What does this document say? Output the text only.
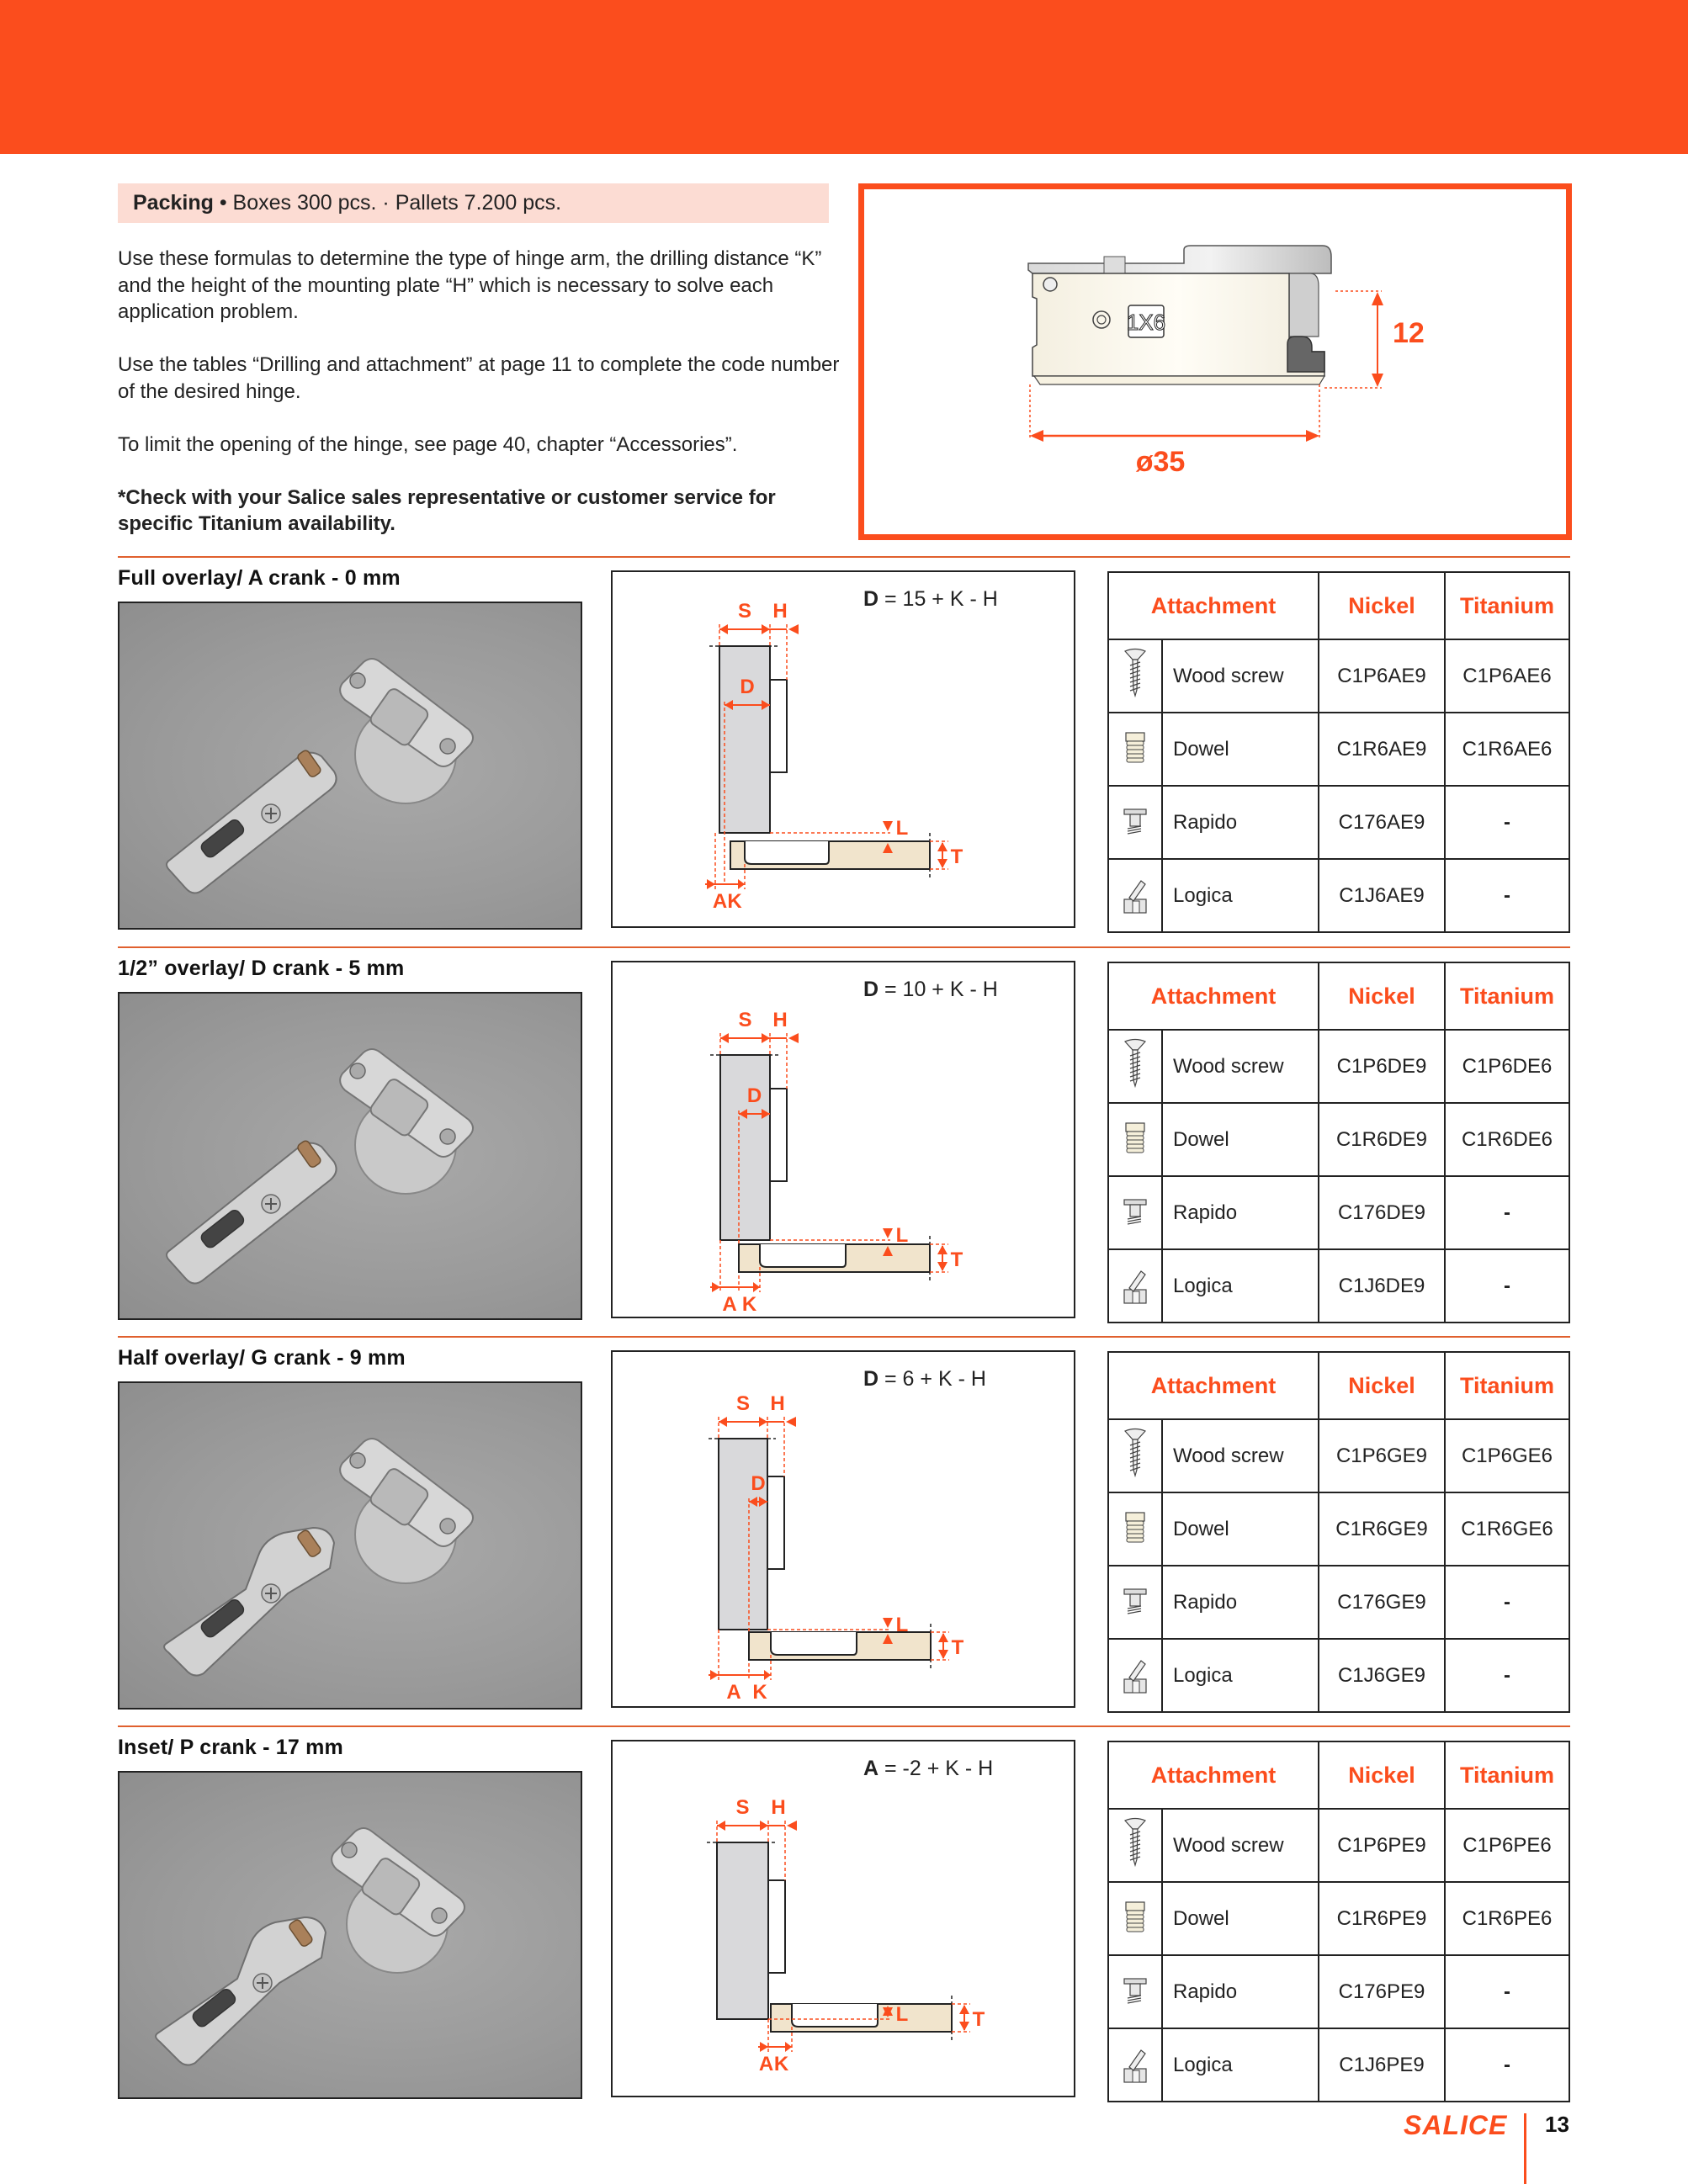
Packing • Boxes 300 pcs. · Pallets 7.200 pcs.

Use these formulas to determine the type of hinge arm, the drilling distance “K” and the height of the mounting plate “H” which is necessary to solve each application problem.

Use the tables “Drilling and attachment” at page 11 to complete the code number of the desired hinge.

To limit the opening of the hinge, see page 40, chapter “Accessories”.

*Check with your Salice sales representative or customer service for specific Titanium availability.

1X6	12
ø35
Full overlay/ A crank - 0 mm
D = 15 + K - H
S H
D
L
T
A K
Attachment		Nickel	Titanium
	Wood screw	C1P6AE9	C1P6AE6
	Dowel	C1R6AE9	C1R6AE6
	Rapido	C176AE9	-
	Logica	C1J6AE9	-
1/2” overlay/ D crank - 5 mm
D = 10 + K - H
S H
D
L
T
A K
Attachment		Nickel	Titanium
	Wood screw	C1P6DE9	C1P6DE6
	Dowel	C1R6DE9	C1R6DE6
	Rapido	C176DE9	-
	Logica	C1J6DE9	-
Half overlay/ G crank - 9 mm
D = 6 + K - H
S H
D
L
T
A K
Attachment		Nickel	Titanium
	Wood screw	C1P6GE9	C1P6GE6
	Dowel	C1R6GE9	C1R6GE6
	Rapido	C176GE9	-
	Logica	C1J6GE9	-
Inset/ P crank - 17 mm
A = -2 + K - H
S H
L	T
A K
Attachment		Nickel	Titanium
	Wood screw	C1P6PE9	C1P6PE6
	Dowel	C1R6PE9	C1R6PE6
	Rapido	C176PE9	-
	Logica	C1J6PE9	-
SALICE 13
